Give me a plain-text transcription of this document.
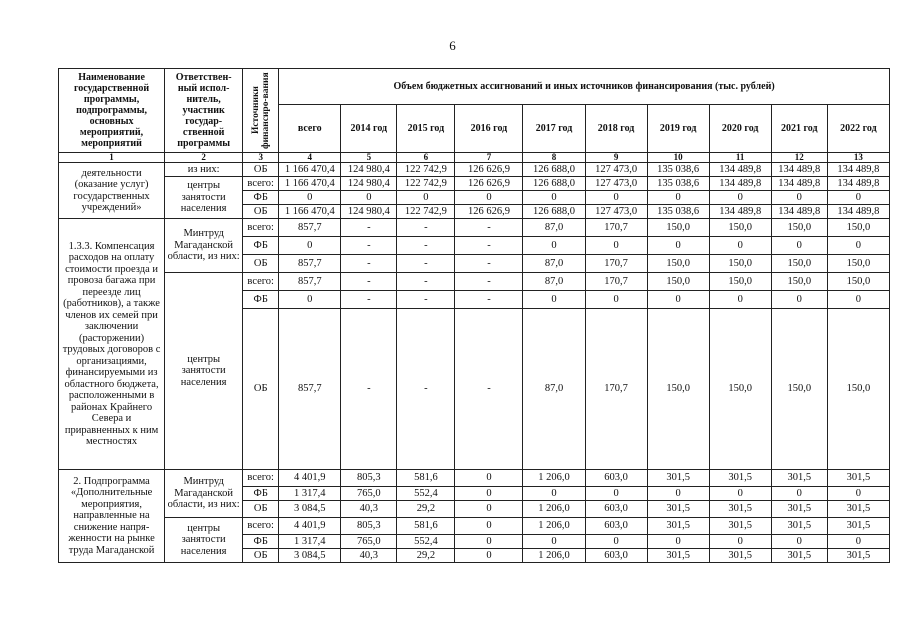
6
Наименование государственной программы, подпрограммы, основных мероприятий, мероприятий	Ответствен-ный испол-нитель, участник государ-ственной программы	Источники финансиро-вания	Объем бюджетных ассигнований и иных источников финансирования (тыс. рублей)									
			всего	2014 год	2015 год	2016 год	2017 год	2018 год	2019 год	2020 год	2021 год	2022 год
1	2	3	4	5	6	7	8	9	10	11	12	13
деятельности (оказание услуг) государственных учреждений»	из них:	ОБ	1 166 470,4	124 980,4	122 742,9	126 626,9	126 688,0	127 473,0	135 038,6	134 489,8	134 489,8	134 489,8
	центры занятости населения	всего:	1 166 470,4	124 980,4	122 742,9	126 626,9	126 688,0	127 473,0	135 038,6	134 489,8	134 489,8	134 489,8
		ФБ	0	0	0	0	0	0	0	0	0	0
		ОБ	1 166 470,4	124 980,4	122 742,9	126 626,9	126 688,0	127 473,0	135 038,6	134 489,8	134 489,8	134 489,8
1.3.3. Компенсация расходов на оплату стоимости проезда и провоза багажа при переезде лиц (работников), а также членов их семей при заключении (расторжении) трудовых договоров с организациями, финансируемыми из областного бюджета, расположенными в районах Крайнего Севера и приравненных к ним местностях	Минтруд Магаданской области, из них:	всего:	857,7	-	-	-	87,0	170,7	150,0	150,0	150,0	150,0
		ФБ	0	-	-	-	0	0	0	0	0	0
		ОБ	857,7	-	-	-	87,0	170,7	150,0	150,0	150,0	150,0
	центры занятости населения	всего:	857,7	-	-	-	87,0	170,7	150,0	150,0	150,0	150,0
		ФБ	0	-	-	-	0	0	0	0	0	0
		ОБ	857,7	-	-	-	87,0	170,7	150,0	150,0	150,0	150,0
2. Подпрограмма «Дополнительные мероприятия, направленные на снижение напря-женности на рынке труда Магаданской	Минтруд Магаданской области, из них:	всего:	4 401,9	805,3	581,6	0	1 206,0	603,0	301,5	301,5	301,5	301,5
		ФБ	1 317,4	765,0	552,4	0	0	0	0	0	0	0
		ОБ	3 084,5	40,3	29,2	0	1 206,0	603,0	301,5	301,5	301,5	301,5
	центры занятости населения	всего:	4 401,9	805,3	581,6	0	1 206,0	603,0	301,5	301,5	301,5	301,5
		ФБ	1 317,4	765,0	552,4	0	0	0	0	0	0	0
		ОБ	3 084,5	40,3	29,2	0	1 206,0	603,0	301,5	301,5	301,5	301,5
